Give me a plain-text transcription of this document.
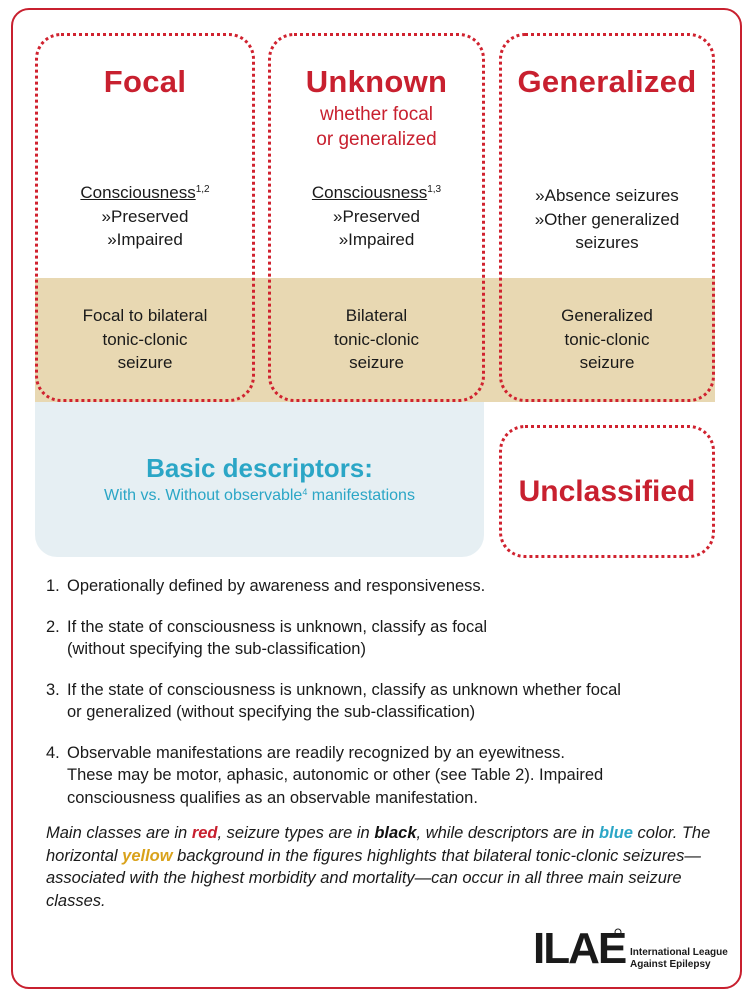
Focal
Consciousness$^{1,2}$
»Preserved
»Impaired
Focal to bilateral
tonic-clonic
seizure
Unknown
whether focal
or generalized
Consciousness$^{1,3}$
»Preserved
»Impaired
Bilateral
tonic-clonic
seizure
Generalized
»Absence seizures
»Other generalized
seizures
Generalized
tonic-clonic
seizure
Basic descriptors:
With vs. Without observable$^4$ manifestations	Unclassified
1. Operationally defined by awareness and responsiveness.
2. If the state of consciousness is unknown, classify as focal
(without specifying the sub-classification)
3. If the state of consciousness is unknown, classify as unknown whether focal
or generalized (without specifying the sub-classification)
4. Observable manifestations are readily recognized by an eyewitness.
These may be motor, aphasic, autonomic or other (see Table 2). Impaired
consciousness qualifies as an observable manifestation.
Main classes are in red, seizure types are in black, while descriptors are in blue color. The horizontal yellow background in the figures highlights that bilateral tonic-clonic seizures—associated with the highest morbidity and mortality—can occur in all three main seizure classes.
ILAE International League
Against Epilepsy
